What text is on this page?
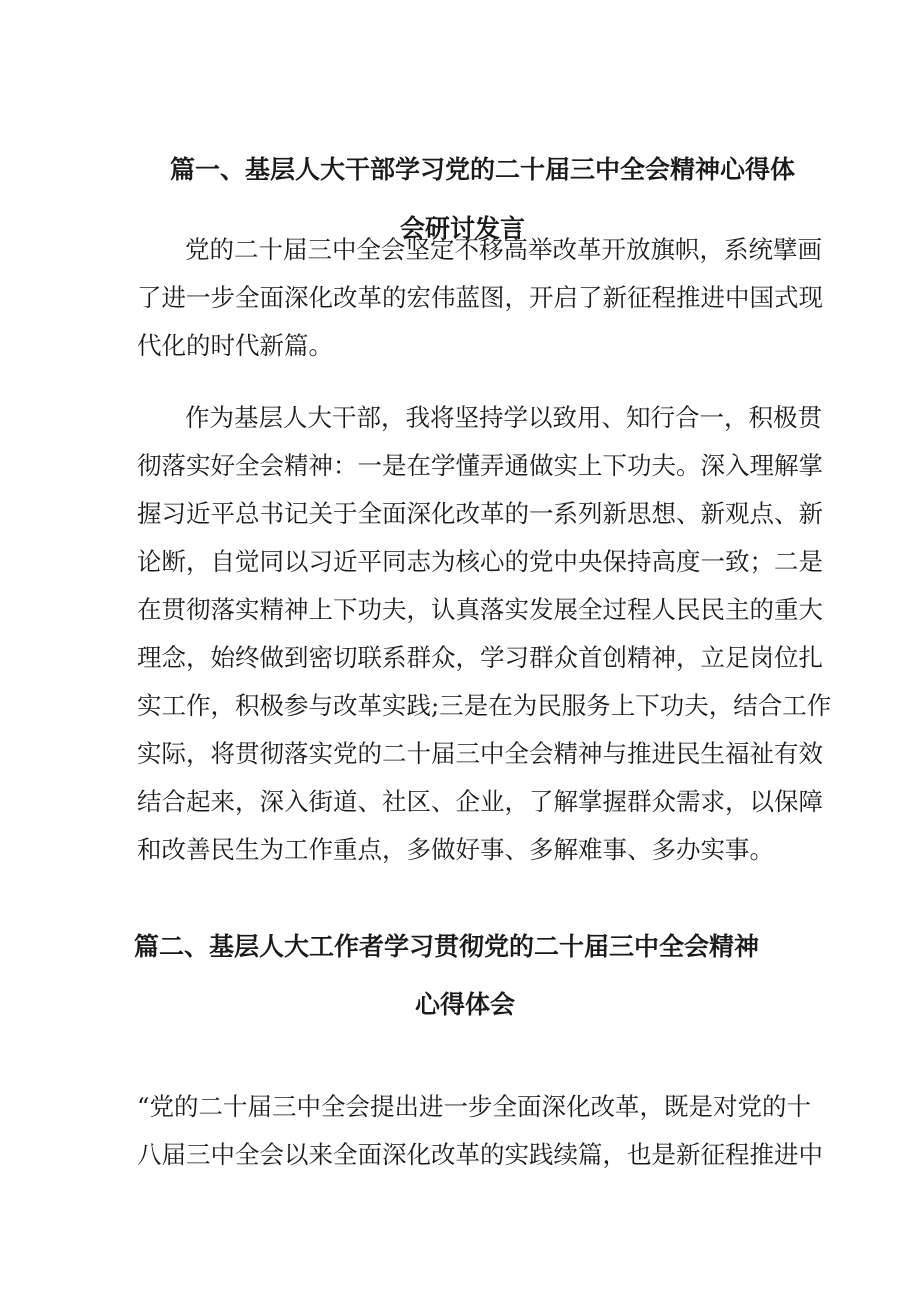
篇一、基层人大干部学习党的二十届三中全会精神心得体
会研讨发言
党的二十届三中全会坚定不移高举改革开放旗帜，系统擘画
了进一步全面深化改革的宏伟蓝图，开启了新征程推进中国式现
代化的时代新篇。
作为基层人大干部，我将坚持学以致用、知行合一，积极贯
彻落实好全会精神：一是在学懂弄通做实上下功夫。深入理解掌
握习近平总书记关于全面深化改革的一系列新思想、新观点、新
论断，自觉同以习近平同志为核心的党中央保持高度一致；二是
在贯彻落实精神上下功夫，认真落实发展全过程人民民主的重大
理念，始终做到密切联系群众，学习群众首创精神，立足岗位扎
实工作，积极参与改革实践;三是在为民服务上下功夫，结合工作
实际，将贯彻落实党的二十届三中全会精神与推进民生福祉有效
结合起来，深入街道、社区、企业，了解掌握群众需求，以保障
和改善民生为工作重点，多做好事、多解难事、多办实事。
篇二、基层人大工作者学习贯彻党的二十届三中全会精神
心得体会
“党的二十届三中全会提出进一步全面深化改革，既是对党的十
八届三中全会以来全面深化改革的实践续篇，也是新征程推进中
